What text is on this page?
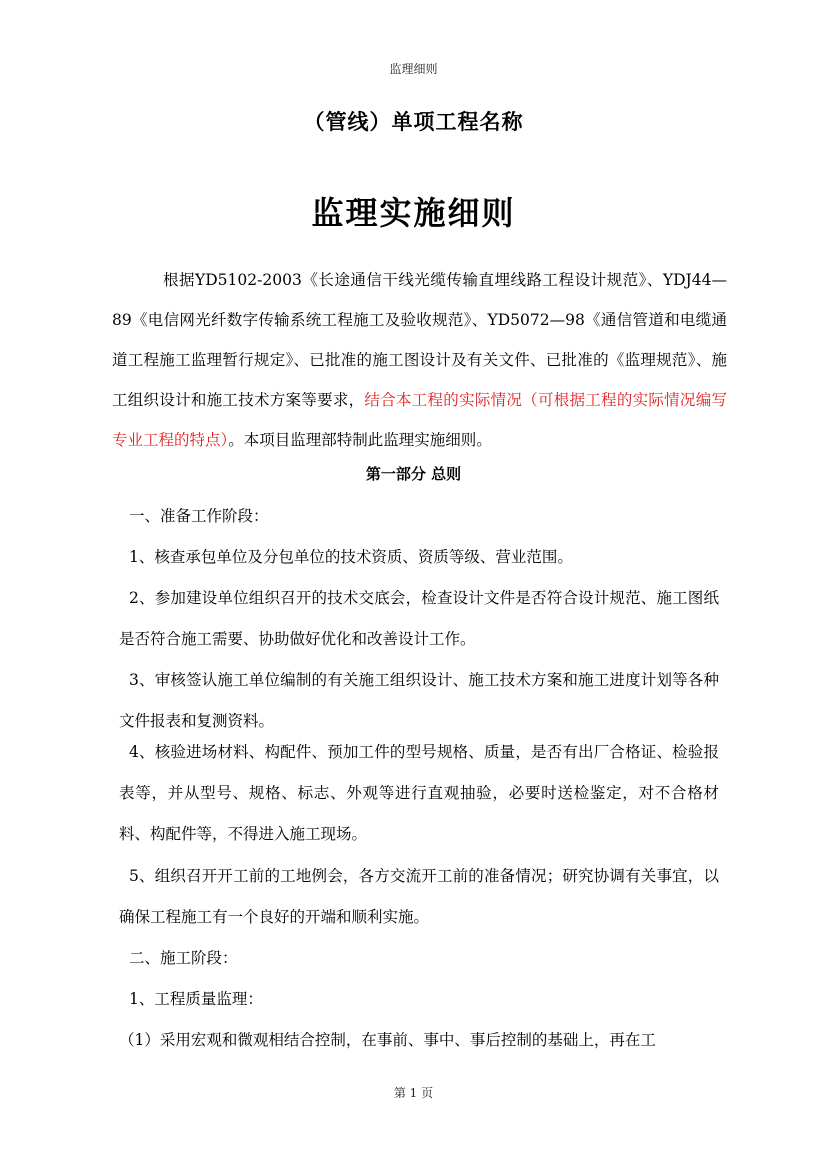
监理细则
（管线）单项工程名称
监理实施细则
根据YD5102-2003《长途通信干线光缆传输直埋线路工程设计规范》、YDJ44—89《电信网光纤数字传输系统工程施工及验收规范》、YD5072—98《通信管道和电缆通道工程施工监理暂行规定》、已批准的施工图设计及有关文件、已批准的《监理规范》、施工组织设计和施工技术方案等要求，结合本工程的实际情况（可根据工程的实际情况编写专业工程的特点）。本项目监理部特制此监理实施细则。
第一部分 总则
一、准备工作阶段：
1、核查承包单位及分包单位的技术资质、资质等级、营业范围。
2、参加建设单位组织召开的技术交底会，检查设计文件是否符合设计规范、施工图纸是否符合施工需要、协助做好优化和改善设计工作。
3、审核签认施工单位编制的有关施工组织设计、施工技术方案和施工进度计划等各种文件报表和复测资料。
4、核验进场材料、构配件、预加工件的型号规格、质量，是否有出厂合格证、检验报表等，并从型号、规格、标志、外观等进行直观抽验，必要时送检鉴定，对不合格材料、构配件等，不得进入施工现场。
5、组织召开开工前的工地例会，各方交流开工前的准备情况；研究协调有关事宜，以确保工程施工有一个良好的开端和顺利实施。
二、施工阶段：
1、工程质量监理：
（1）采用宏观和微观相结合控制，在事前、事中、事后控制的基础上，再在工
第 1 页
